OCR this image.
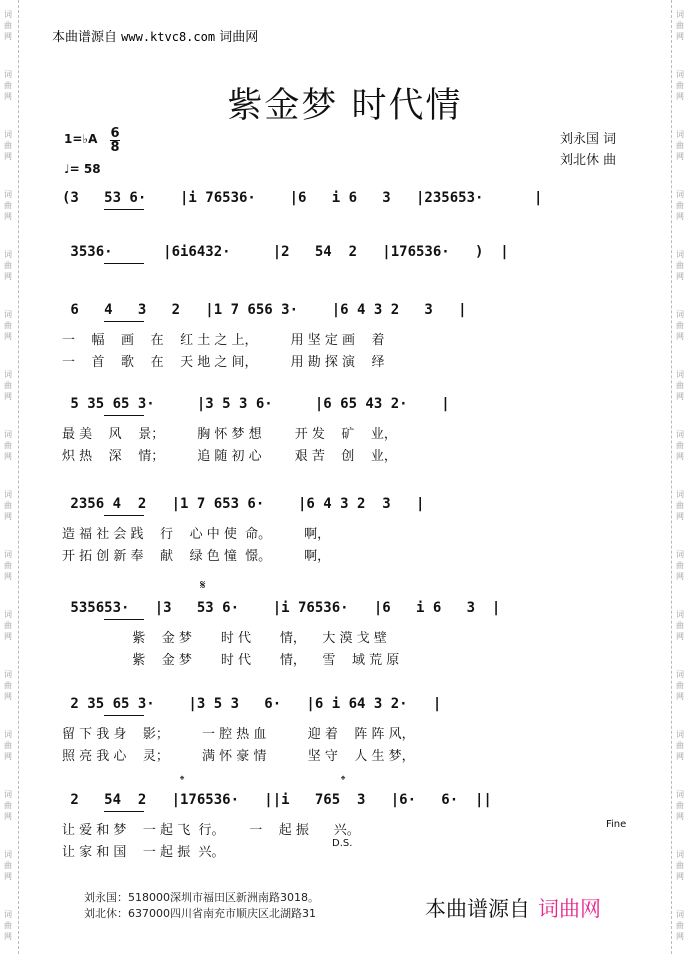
词
曲
网
词
曲
网
词
曲
网
词
曲
网
词
曲
网
词
曲
网
词
曲
网
词
曲
网
词
曲
网
词
曲
网
词
曲
网
词
曲
网
词
曲
网
词
曲
网
词
曲
网
词
曲
网
词
曲
网
词
曲
网
词
曲
网
词
曲
网
词
曲
网
词
曲
网
词
曲
网
词
曲
网
词
曲
网
词
曲
网
词
曲
网
词
曲
网
词
曲
网
词
曲
网
词
曲
网
词
曲
网
本曲谱源自 www.ktvc8.com 词曲网
紫金梦 时代情
1=♭A 6
8
♩= 58
刘永国 词
刘北休 曲
(3   53 6·    |i 76536·    |6   i 6   3   |235653·      |
3536·      |6i6432·     |2   54  2   |176536·   )  |
6   4   3   2   |1 7 656 3·    |6 4 3 2   3   |
一    幅    画    在    红 土 之 上，        用 坚 定 画    着
一    首    歌    在    天 地 之 间，        用 勘 探 演    绎
5 35 65 3·     |3 5 3 6·     |6 65 43 2·    |
最 美    风    景；        胸 怀 梦 想        开 发    矿    业，
炽 热    深    情；        追 随 初 心        艰 苦    创    业，
2356 4  2   |1 7 653 6·    |6 4 3 2  3   |
造 福 社 会 践    行    心 中 使  命。        啊，
开 拓 创 新 奉    献    绿 色 憧  憬。        啊，
535653·   |3   53 6·    |i 76536·   |6   i 6   3  |
紫    金 梦       时 代       情，    大 漠 戈 壁
紫    金 梦       时 代       情，    雪    域 荒 原
2 35 65 3·    |3 5 3   6·   |6 i 64 3 2·   |
留 下 我 身    影；        一 腔 热 血          迎 着    阵 阵 风，
照 亮 我 心    灵；        满 怀 豪 情          坚 守    人 生 梦，
2   54  2   |176536·   ||i   765  3   |6·   6·  ||
让 爱 和 梦    一 起 飞  行。      一    起 振      兴。
让 家 和 国    一 起 振  兴。
D.S.
Fine
𝄋
𝄌	𝄌
刘永国：518000深圳市福田区新洲南路3018。
刘北休：637000四川省南充市顺庆区北湖路31	本曲谱源自 词曲网
